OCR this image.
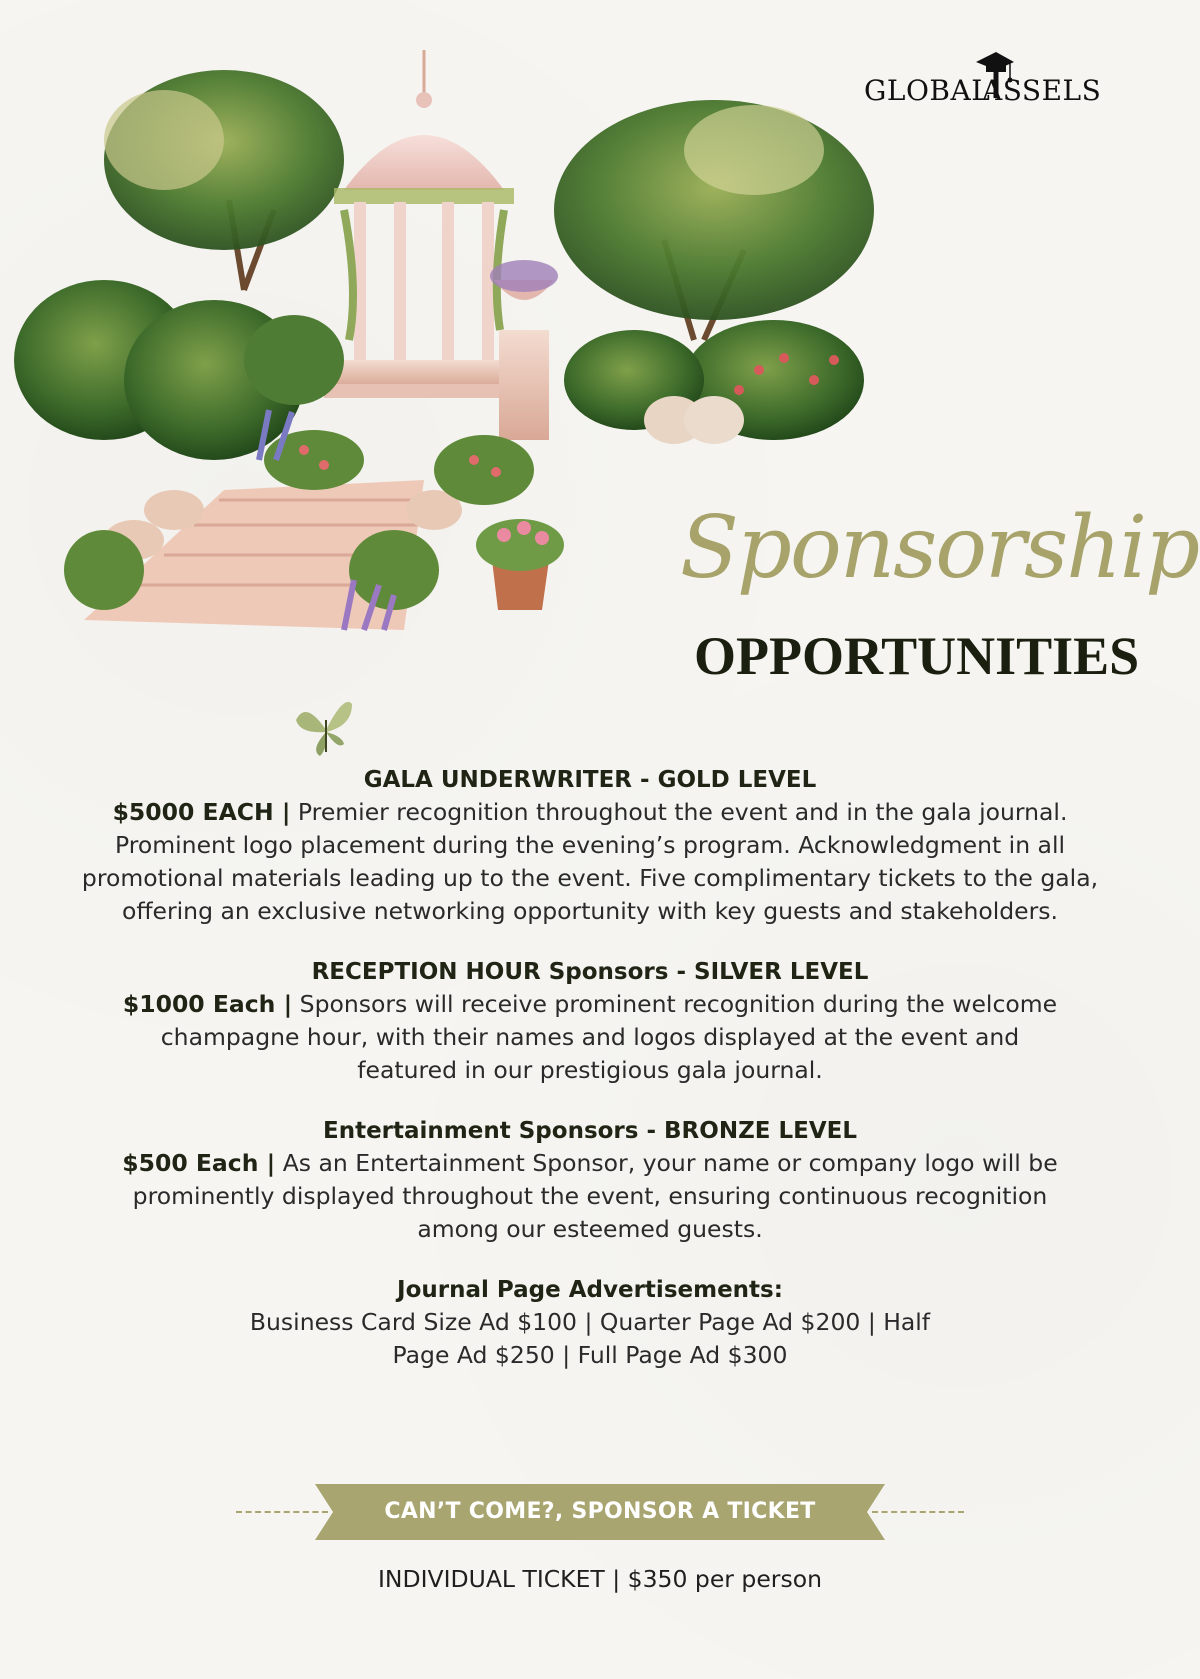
GLOBAL
ASSELS
Sponsorship
OPPORTUNITIES
GALA UNDERWRITER - GOLD LEVEL

$5000 EACH | Premier recognition throughout the event and in the gala journal. Prominent logo placement during the evening’s program. Acknowledgment in all promotional materials leading up to the event. Five complimentary tickets to the gala, offering an exclusive networking opportunity with key guests and stakeholders.

RECEPTION HOUR Sponsors - SILVER LEVEL

$1000 Each | Sponsors will receive prominent recognition during the welcome champagne hour, with their names and logos displayed at the event and featured in our prestigious gala journal.

Entertainment Sponsors - BRONZE LEVEL

$500 Each | As an Entertainment Sponsor, your name or company logo will be prominently displayed throughout the event, ensuring continuous recognition among our esteemed guests.

Journal Page Advertisements:

Business Card Size Ad $100 | Quarter Page Ad $200 | Half Page Ad $250 | Full Page Ad $300

CAN’T COME?, SPONSOR A TICKET
INDIVIDUAL TICKET | $350 per person
